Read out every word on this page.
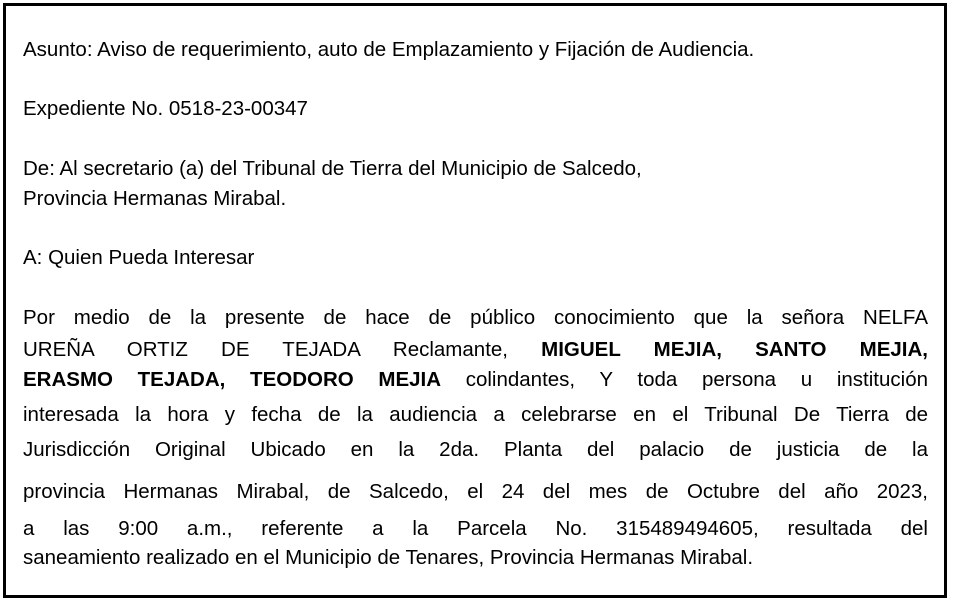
Asunto: Aviso de requerimiento, auto de Emplazamiento y Fijación de Audiencia.
Expediente No. 0518-23-00347
De: Al secretario (a) del Tribunal de Tierra del Municipio de Salcedo,
Provincia Hermanas Mirabal.
A: Quien Pueda Interesar
Por medio de la presente de hace de público conocimiento que la señora NELFA
UREÑA ORTIZ DE TEJADA Reclamante, MIGUEL MEJIA, SANTO MEJIA,
ERASMO TEJADA, TEODORO MEJIA colindantes, Y toda persona u institución
interesada la hora y fecha de la audiencia a celebrarse en el Tribunal De Tierra de
Jurisdicción Original Ubicado en la 2da. Planta del palacio de justicia de la
provincia Hermanas Mirabal, de Salcedo, el 24 del mes de Octubre del año 2023,
a las 9:00 a.m., referente a la Parcela No. 315489494605, resultada del
saneamiento realizado en el Municipio de Tenares, Provincia Hermanas Mirabal.
